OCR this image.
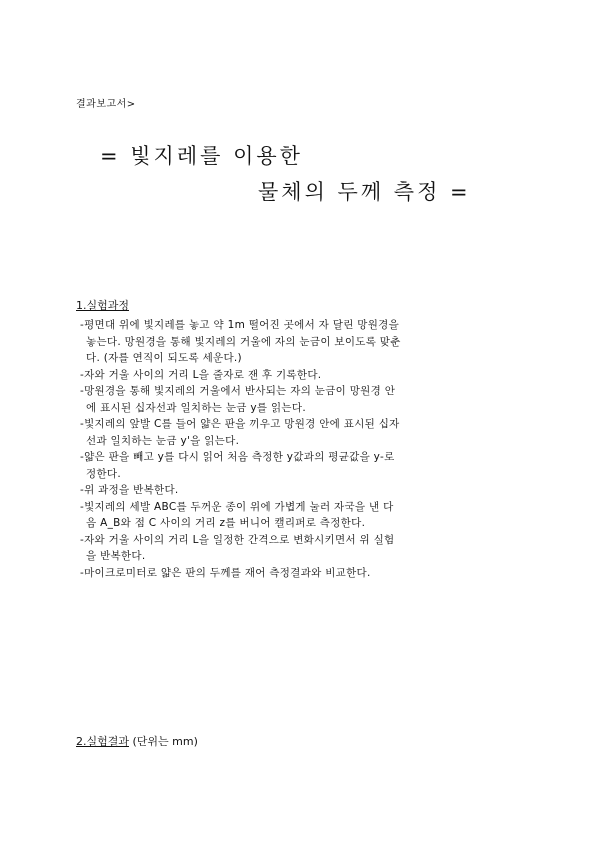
결과보고서>
= 빛지레를 이용한
물체의 두께 측정 =
1.실험과정
-평면대 위에 빛지레를 놓고 약 1m 떨어진 곳에서 자 달린 망원경을
놓는다. 망원경을 통해 빛지레의 거울에 자의 눈금이 보이도록 맞춘
다. (자를 연직이 되도록 세운다.)
-자와 거울 사이의 거리 L을 줄자로 잰 후 기록한다.
-망원경을 통해 빛지레의 거울에서 반사되는 자의 눈금이 망원경 안
에 표시된 십자선과 일치하는 눈금 y를 읽는다.
-빛지레의 앞발 C를 들어 얇은 판을 끼우고 망원경 안에 표시된 십자
선과 일치하는 눈금 y'을 읽는다.
-얇은 판을 빼고 y를 다시 읽어 처음 측정한 y값과의 평균값을 y-로
정한다.
-위 과정을 반복한다.
-빛지레의 세발 ABC를 두꺼운 종이 위에 가볍게 눌러 자국을 낸 다
음 A_B와 점 C 사이의 거리 z를 버니어 캘리퍼로 측정한다.
-자와 거울 사이의 거리 L을 일정한 간격으로 변화시키면서 위 실험
을 반복한다.
-마이크로미터로 얇은 판의 두께를 재어 측정결과와 비교한다.
2.실험결과 (단위는 mm)
